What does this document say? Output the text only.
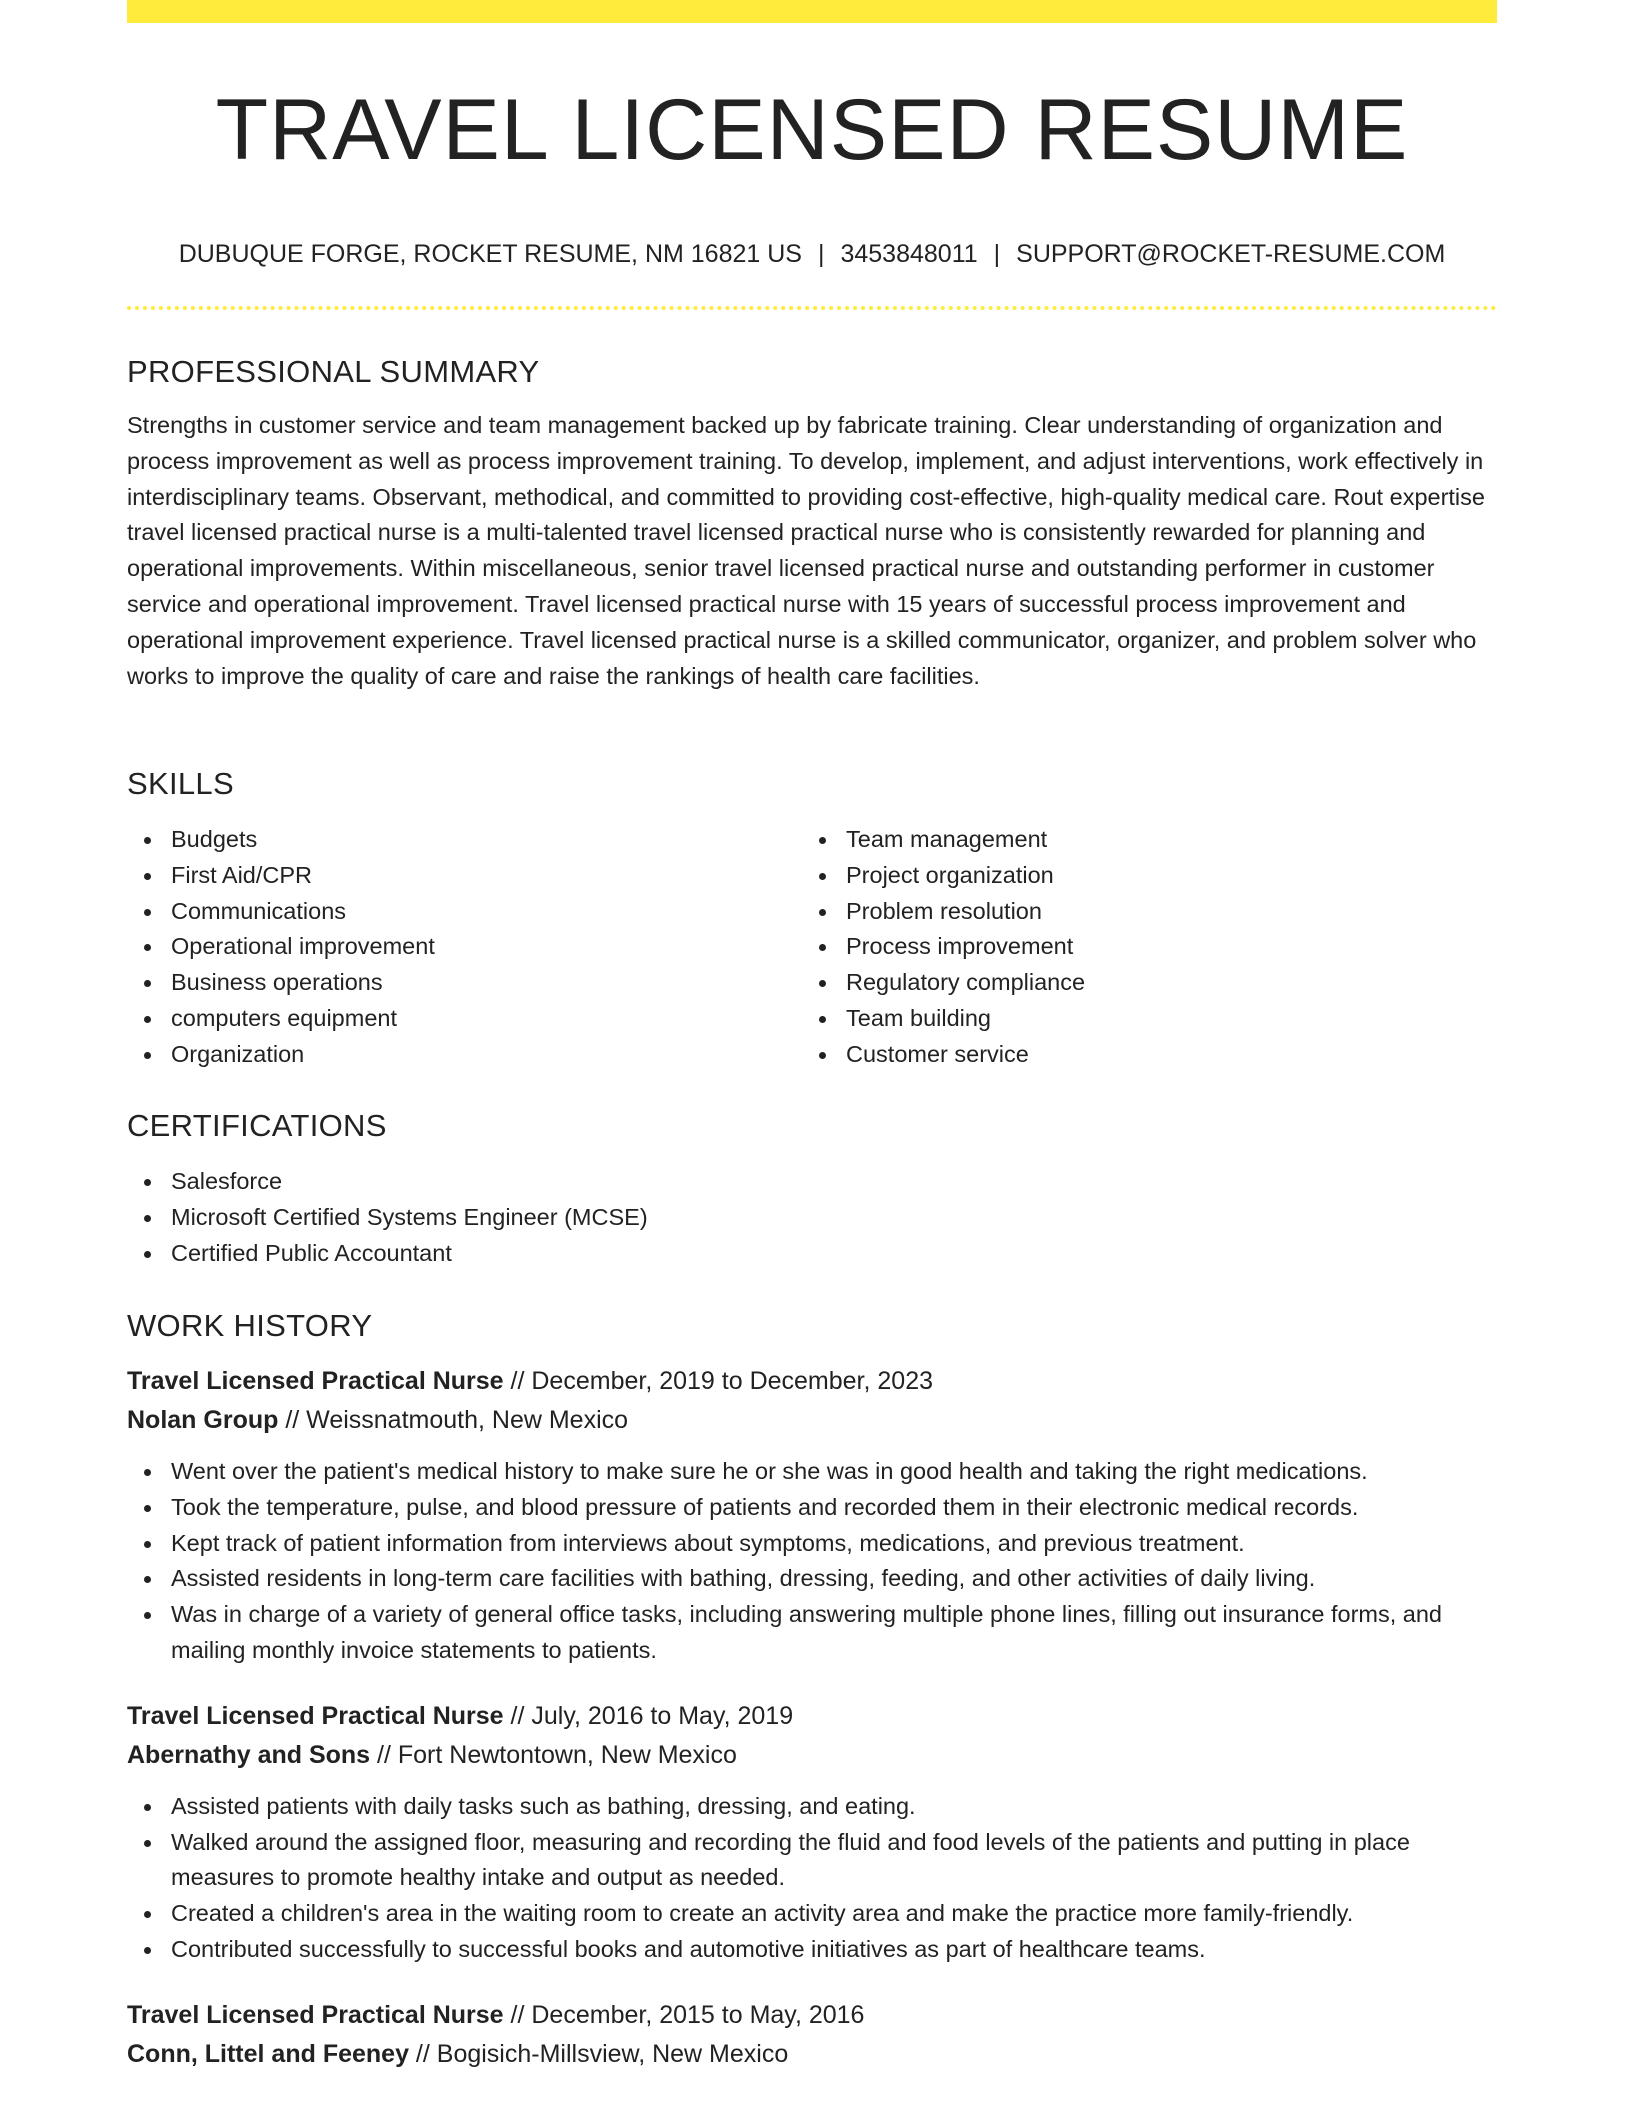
TRAVEL LICENSED RESUME
DUBUQUE FORGE, ROCKET RESUME, NM 16821 US | 3453848011 | SUPPORT@ROCKET-RESUME.COM
PROFESSIONAL SUMMARY

Strengths in customer service and team management backed up by fabricate training. Clear understanding of organization and process improvement as well as process improvement training. To develop, implement, and adjust interventions, work effectively in interdisciplinary teams. Observant, methodical, and committed to providing cost-effective, high-quality medical care. Rout expertise travel licensed practical nurse is a multi-talented travel licensed practical nurse who is consistently rewarded for planning and operational improvements. Within miscellaneous, senior travel licensed practical nurse and outstanding performer in customer service and operational improvement. Travel licensed practical nurse with 15 years of successful process improvement and operational improvement experience. Travel licensed practical nurse is a skilled communicator, organizer, and problem solver who works to improve the quality of care and raise the rankings of health care facilities.

SKILLS
Budgets
First Aid/CPR
Communications
Operational improvement
Business operations
computers equipment
Organization
Team management
Project organization
Problem resolution
Process improvement
Regulatory compliance
Team building
Customer service
CERTIFICATIONS
Salesforce
Microsoft Certified Systems Engineer (MCSE)
Certified Public Accountant
WORK HISTORY
Travel Licensed Practical Nurse // December, 2019 to December, 2023
Nolan Group // Weissnatmouth, New Mexico
Went over the patient's medical history to make sure he or she was in good health and taking the right medications.
Took the temperature, pulse, and blood pressure of patients and recorded them in their electronic medical records.
Kept track of patient information from interviews about symptoms, medications, and previous treatment.
Assisted residents in long-term care facilities with bathing, dressing, feeding, and other activities of daily living.
Was in charge of a variety of general office tasks, including answering multiple phone lines, filling out insurance forms, and mailing monthly invoice statements to patients.
Travel Licensed Practical Nurse // July, 2016 to May, 2019
Abernathy and Sons // Fort Newtontown, New Mexico
Assisted patients with daily tasks such as bathing, dressing, and eating.
Walked around the assigned floor, measuring and recording the fluid and food levels of the patients and putting in place measures to promote healthy intake and output as needed.
Created a children's area in the waiting room to create an activity area and make the practice more family-friendly.
Contributed successfully to successful books and automotive initiatives as part of healthcare teams.
Travel Licensed Practical Nurse // December, 2015 to May, 2016
Conn, Littel and Feeney // Bogisich-Millsview, New Mexico
